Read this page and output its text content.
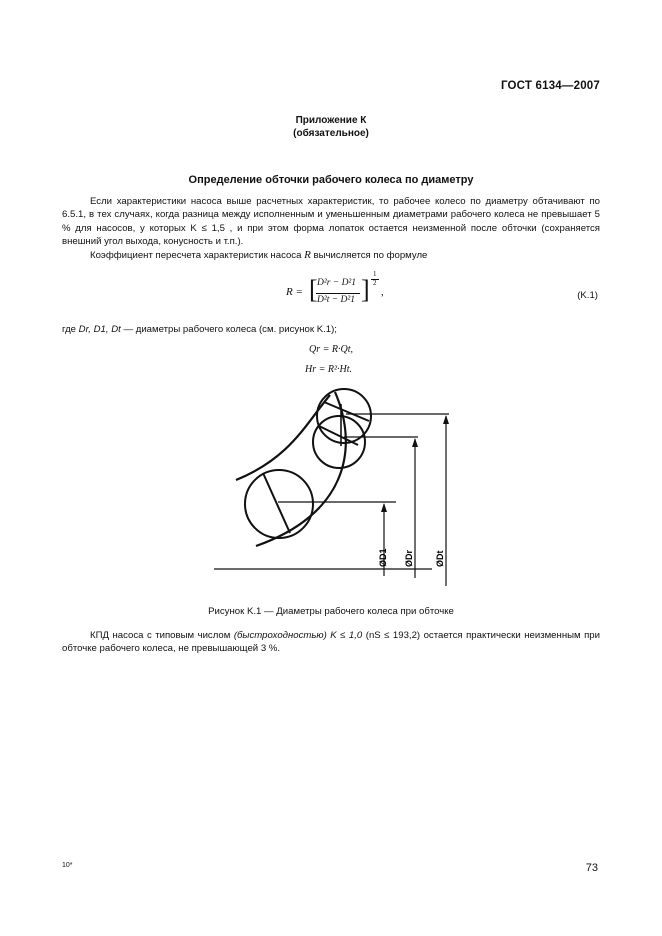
ГОСТ 6134—2007
Приложение К
(обязательное)
Определение обточки рабочего колеса по диаметру

Если характеристики насоса выше расчетных характеристик, то рабочее колесо по диаметру обтачивают по 6.5.1, в тех случаях, когда разница между исполненным и уменьшенным диаметрами рабочего колеса не превышает 5 % для насосов, у которых K ≤ 1,5 , и при этом форма лопаток остается неизменной после обточки (сохраняется внешний угол выхода, конусность и т.п.).

Коэффициент пересчета характеристик насоса R вычисляется по формуле

R = [ D²r − D²1
D²t − D²1 ]
1
2
,	(K.1)
где Dr, D1, Dt — диаметры рабочего колеса (см. рисунок K.1);
Qr = R·Qt,
Hr = R²·Ht.
ØD1 ØDr ØDt
Рисунок K.1 — Диаметры рабочего колеса при обточке

КПД насоса с типовым числом (быстроходностью) K ≤ 1,0 (nS ≤ 193,2) остается практически неизменным при обточке рабочего колеса, не превышающей 3 %.

10*	73
